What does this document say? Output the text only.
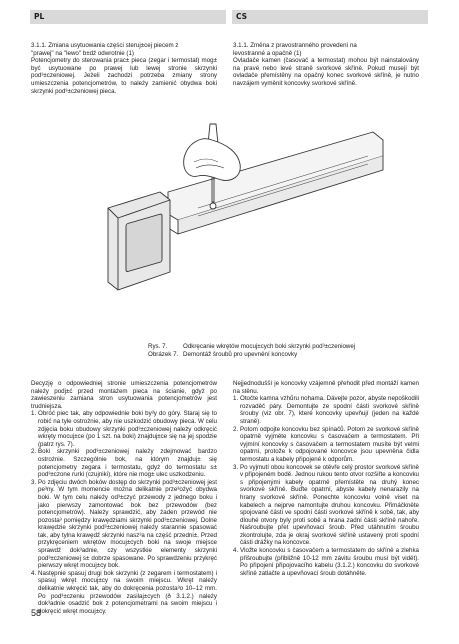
PL	CS

3.1.1. Zmiana usytuowania części steruj±cej piecem z

"prawej" na "lewo" b±dź odwrotnie (1)

Potencjometry do sterowania prac± pieca (zegar i termostat) mog± być usytuowane po prawej lub lewej stronie skrzynki pod³±czeniowej. Jeżeli zachodzi potrzeba zmiany strony umieszczenia potencjometrów, to należy zamienić obydwa boki skrzynki pod³±czeniowej pieca.

3.1.1. Změna z pravostranného provedení na

levostranné a opačně (1)

Ovladače kamen (časovač a termostat) mohou být nainstalovány na pravé nebo levé straně svorkové skříně. Pokud musejí být ovladače přemístěny na opačný konec svorkové skříně, je nutno navzájem vyměnit koncovky svorkové skříně.

Rys. 7.
Obrázek 7.
Odkręcanie wkrętów mocuj±cych boki skrzynki pod³±czeniowej
Demontáž šroubů pro upevnění koncovky

Decyzję o odpowiedniej stronie umieszczenia potencjometrów należy podj±ć przed montażem pieca na ścianie, gdyż po zawieszeniu zamiana stron usytuowania potencjometrów jest trudniejsza.

1. Obróć piec tak, aby odpowiednie boki by³y do góry. Staraj się to robić na tyle ostrożnie, aby nie uszkodzić obudowy pieca. W celu zdjęcia boku obudowy skrzynki pod³±czeniowej należy odkręcić wkręty mocuj±ce (po 1 szt. na boki) znajduj±ce się na jej spodzie (patrz rys. 7).
2. Boki skrzynki pod³±czeniowej należy zdejmować bardzo ostrożnie. Szczególnie bok, na którym znajduj± się potencjometry zegara i termostatu, gdyż do termostatu s± pod³±czone rurki (czujniki), które nie mog± ulec uszkodzeniu.
3. Po zdjęciu dwóch boków dostęp do skrzynki pod³±czeniowej jest pe³ny. W tym momencie można delikatnie prze³ożyć obydwa boki. W tym celu należy od³±czyć przewody z jednego boku i jako pierwszy zamontować bok bez przewodów (bez potencjometrów). Należy sprawdzić, aby żaden przewód nie pozosta³ pomiędzy krawędziami skrzynki pod³±czeniowej. Dolne krawędzie skrzynki pod³±czeniowej należy starannie spasować tak, aby tylna krawędź skrzynki nasz³a na część przedni±. Przed przykręceniem wkrętów mocuj±cych boki na swoje miejsce sprawdź dok³adnie, czy wszystkie elementy skrzynki pod³±czeniowej s± dobrze spasowane. Po sprawdzeniu przykręć pierwszy wkręt mocuj±cy bok.
4. Następnie spasuj drugi bok skrzynki (z zegarem i termostatem) i spasuj wkręt mocuj±cy na swoim miejscu. Wkręt należy delikatnie wkręcić tak, aby do dokręcenia pozosta³o 10–12 mm. Po pod³±czeniu przewodów zasilaj±cych (ð 3.1.2.) należy dok³adnie osadzić bok z potencjometrami na swoim miejscu i dokręcić wkręt mocuj±cy.

Nejjednodušší je koncovky vzájemně přehodit před montáží kamen na stěnu.

1. Otočte kamna vzhůru nohama. Dávejte pozor, abyste nepoškodili rozvaděč páry. Demontujte ze spodní části svorkové skříně šrouby (viz obr. 7), které koncovky upevňují (jeden na každé straně).
2. Potom odpojte koncovku bez spínačů. Potom ze svorkové skříně opatrně vyjměte koncovku s časovačem a termostatem. Při vyjmíní koncovky s časovačem a termostatem musíte být velmi opatrní, protože k odpojované koncovce jsou upevněna čidla termostatu a kabely připojené k odporům.
3. Po vyjmutí obou koncovek se otěvře celý prostor svorkové skříně v připojeném bodě. Jednou rukou tento otvor rozšiřte a koncovku s připojenými kabely opatrně přemístěte na druhý konec svorkové skříně. Buďte opatrní, abyste kabely nenarazily na hrany svorkové skříně. Ponechte koncovku volně viset na kabelech a nejprve namontujte druhou koncovku. Přimáčkněte spojované části ve spodní části svorkové skříně k sobě, tak, aby dlouhé otvory byly proti sobě a hrana zadní části skříně nahoře. Našroubujte přet upevňovací šroub. Před utáhnutím šroubu zkontrolujte, zda je okraj svorkové skříně ustavený proti spodní části drážky na koncovce.
4. Vložte koncovku s časovačem a termostatem do skříně a zlehka přišroubujte (přibližně 10-12 mm závitu šroubu musí být vidět). Po připojení připojovacího kabelu (3.1.2.) koncovku do svorkové skříně zatlačte a upevňovací šroub dotáhněte.
58
